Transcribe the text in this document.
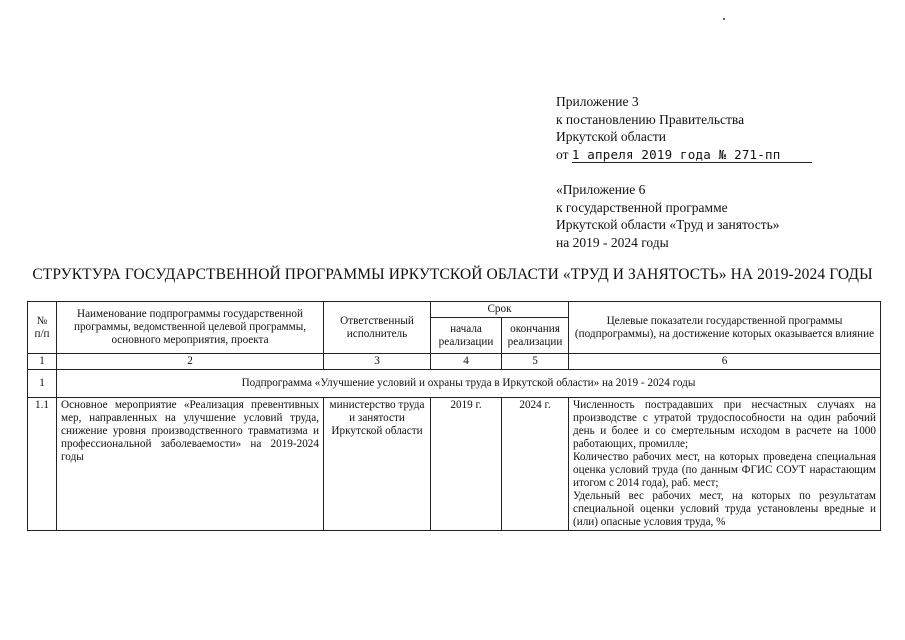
Приложение 3
к постановлению Правительства
Иркутской области
от 1 апреля 2019 года № 271-пп
«Приложение 6
к государственной программе
Иркутской области «Труд и занятость»
на 2019 - 2024 годы
СТРУКТУРА ГОСУДАРСТВЕННОЙ ПРОГРАММЫ ИРКУТСКОЙ ОБЛАСТИ «ТРУД И ЗАНЯТОСТЬ» НА 2019-2024 ГОДЫ
№ п/п	Наименование подпрограммы государственной программы, ведомственной целевой программы, основного мероприятия, проекта	Ответственный исполнитель	Срок		Целевые показатели государственной программы (подпрограммы), на достижение которых оказывается влияние
			начала реализации	окончания реализации	
1	2	3	4	5	6
1	Подпрограмма «Улучшение условий и охраны труда в Иркутской области» на 2019 - 2024 годы				
1.1	Основное мероприятие «Реализация превентивных мер, направленных на улучшение условий труда, снижение уровня производственного травматизма и профессиональной заболеваемости» на 2019-2024 годы	министерство труда и занятости Иркутской области	2019 г.	2024 г.	Численность пострадавших при несчастных случаях на производстве с утратой трудоспособности на один рабочий день и более и со смертельным исходом в расчете на 1000 работающих, промилле;
Количество рабочих мест, на которых проведена специальная оценка условий труда (по данным ФГИС СОУТ нарастающим итогом с 2014 года), раб. мест;
Удельный вес рабочих мест, на которых по результатам специальной оценки условий труда установлены вредные и (или) опасные условия труда, %
